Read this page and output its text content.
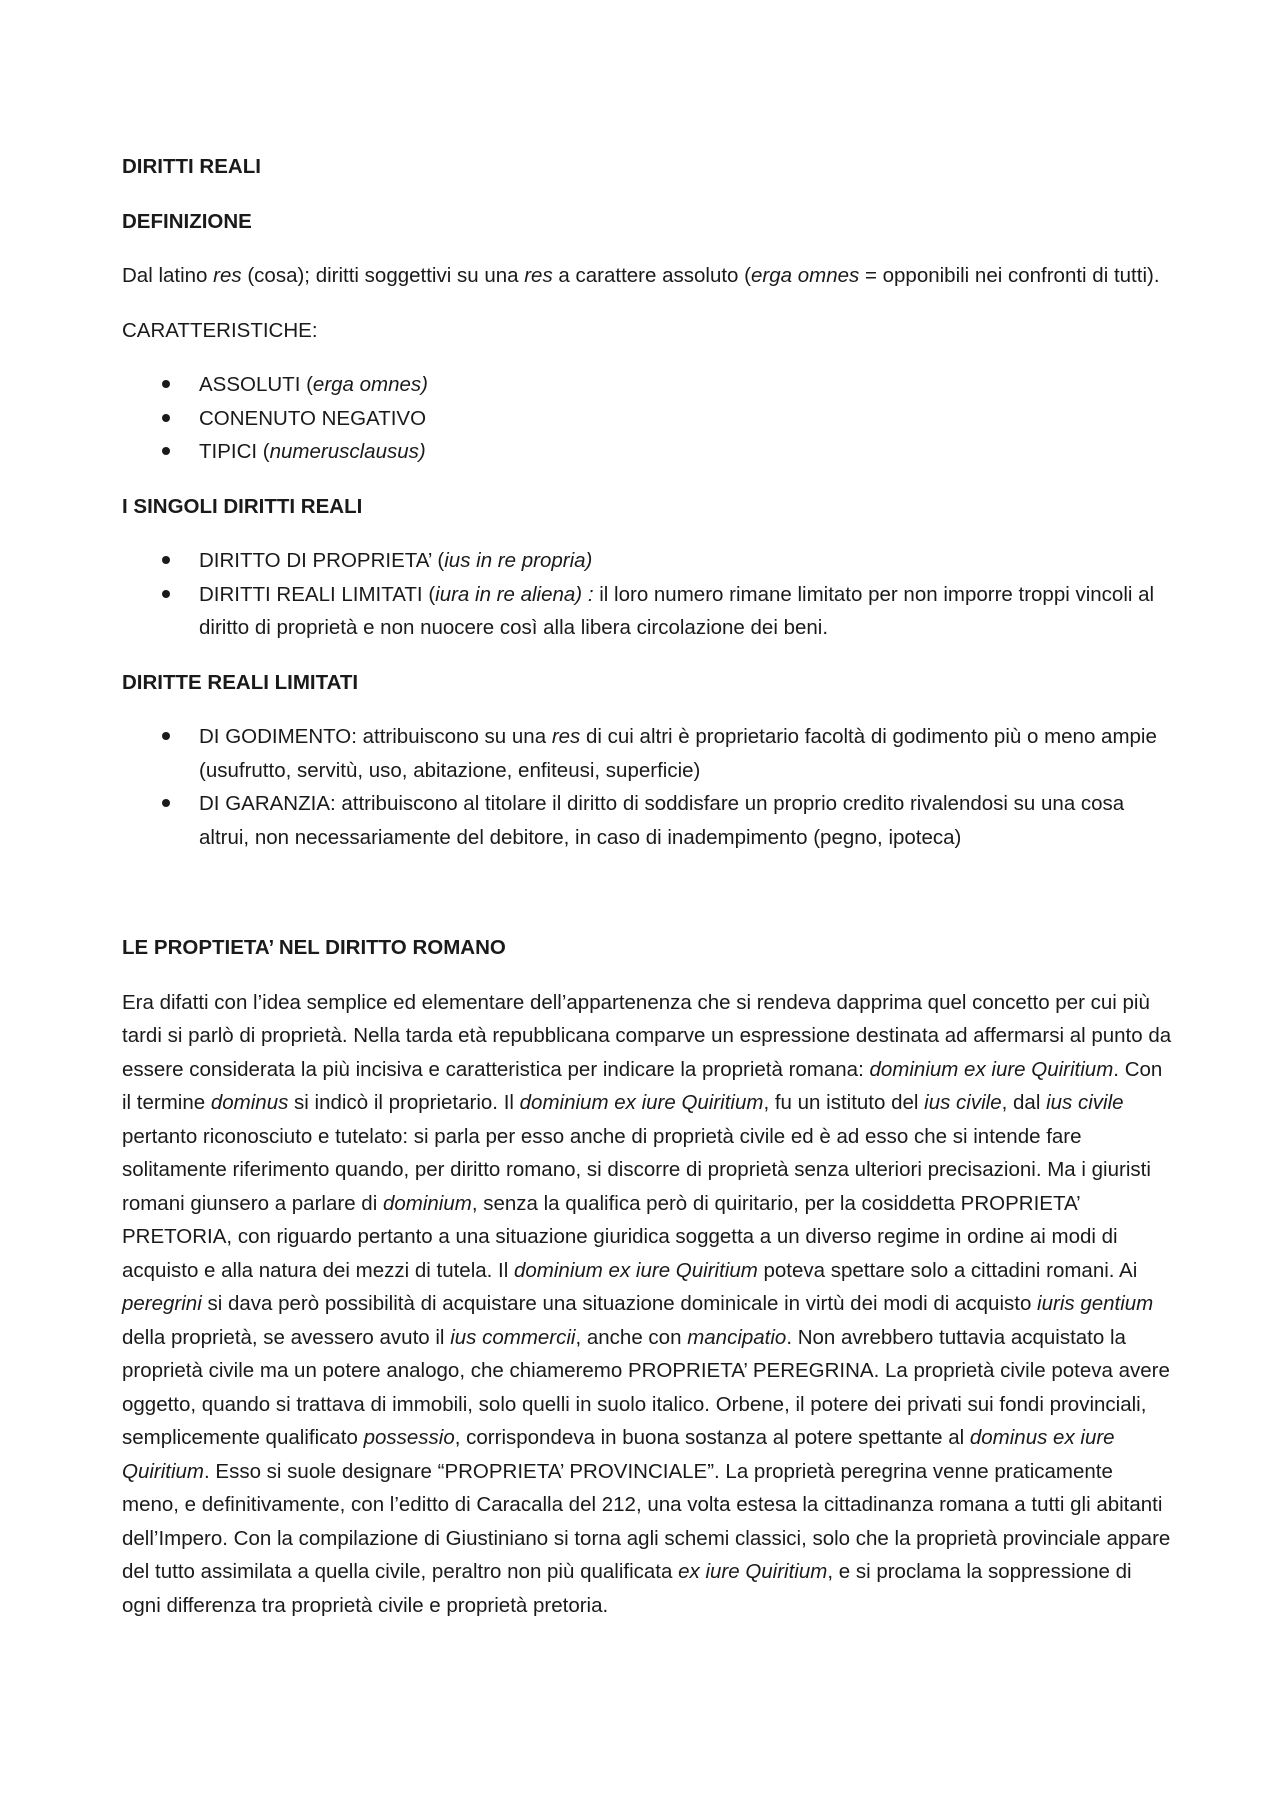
DIRITTI REALI
DEFINIZIONE
Dal latino res (cosa); diritti soggettivi su una res a carattere assoluto (erga omnes = opponibili nei confronti di tutti).
CARATTERISTICHE:
ASSOLUTI (erga omnes)
CONENUTO NEGATIVO
TIPICI (numerusclausus)
I SINGOLI DIRITTI REALI
DIRITTO DI PROPRIETA’ (ius in re propria)
DIRITTI REALI LIMITATI (iura in re aliena) : il loro numero rimane limitato per non imporre troppi vincoli al diritto di proprietà e non nuocere così alla libera circolazione dei beni.
DIRITTE REALI LIMITATI
DI GODIMENTO: attribuiscono su una res di cui altri è proprietario facoltà di godimento più o meno ampie (usufrutto, servitù, uso, abitazione, enfiteusi, superficie)
DI GARANZIA: attribuiscono al titolare il diritto di soddisfare un proprio credito rivalendosi su una cosa altrui, non necessariamente del debitore, in caso di inadempimento (pegno, ipoteca)
LE PROPTIETA’ NEL DIRITTO ROMANO
Era difatti con l’idea semplice ed elementare dell’appartenenza che si rendeva dapprima quel concetto per cui più tardi si parlò di proprietà. Nella tarda età repubblicana comparve un espressione destinata ad affermarsi al punto da essere considerata la più incisiva e caratteristica per indicare la proprietà romana: dominium ex iure Quiritium. Con il termine dominus si indicò il proprietario. Il dominium ex iure Quiritium, fu un istituto del ius civile, dal ius civile pertanto riconosciuto e tutelato: si parla per esso anche di proprietà civile ed è ad esso che si intende fare solitamente riferimento quando, per diritto romano, si discorre di proprietà senza ulteriori precisazioni. Ma i giuristi romani giunsero a parlare di dominium, senza la qualifica però di quiritario, per la cosiddetta PROPRIETA’ PRETORIA, con riguardo pertanto a una situazione giuridica soggetta a un diverso regime in ordine ai modi di acquisto e alla natura dei mezzi di tutela. Il dominium ex iure Quiritium poteva spettare solo a cittadini romani. Ai peregrini si dava però possibilità di acquistare una situazione dominicale in virtù dei modi di acquisto iuris gentium della proprietà, se avessero avuto il ius commercii, anche con mancipatio. Non avrebbero tuttavia acquistato la proprietà civile ma un potere analogo, che chiameremo PROPRIETA’ PEREGRINA. La proprietà civile poteva avere oggetto, quando si trattava di immobili, solo quelli in suolo italico. Orbene, il potere dei privati sui fondi provinciali, semplicemente qualificato possessio, corrispondeva in buona sostanza al potere spettante al dominus ex iure Quiritium. Esso si suole designare “PROPRIETA’ PROVINCIALE”. La proprietà peregrina venne praticamente meno, e definitivamente, con l’editto di Caracalla del 212, una volta estesa la cittadinanza romana a tutti gli abitanti dell’Impero. Con la compilazione di Giustiniano si torna agli schemi classici, solo che la proprietà provinciale appare del tutto assimilata a quella civile, peraltro non più qualificata ex iure Quiritium, e si proclama la soppressione di ogni differenza tra proprietà civile e proprietà pretoria.
